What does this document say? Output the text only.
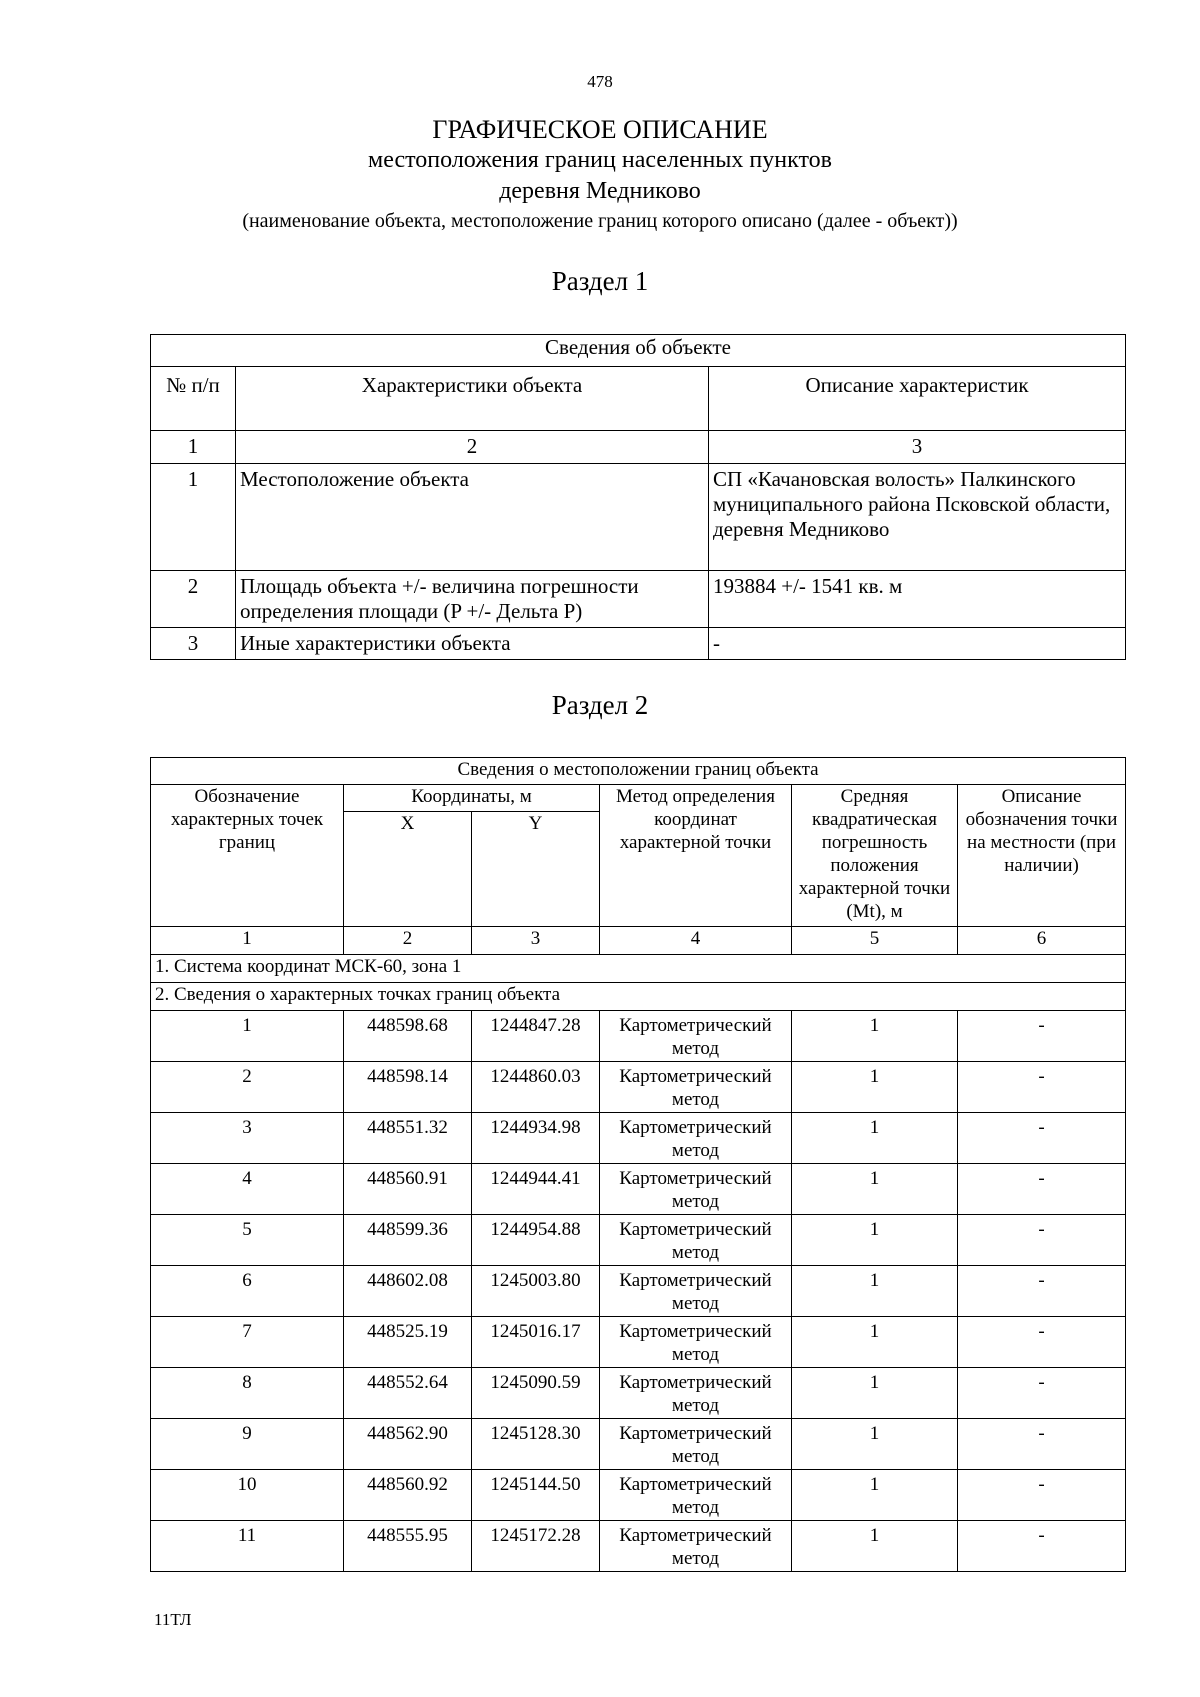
478
ГРАФИЧЕСКОЕ ОПИСАНИЕ
местоположения границ населенных пунктов
деревня Медниково
(наименование объекта, местоположение границ которого описано (далее - объект))
Раздел 1
Сведения об объекте		
№ п/п	Характеристики объекта	Описание характеристик
1	2	3
1	Местоположение объекта	СП «Качановская волость» Палкинского муниципального района Псковской области, деревня Медниково
2	Площадь объекта +/- величина погрешности определения площади (P +/- Дельта P)	193884 +/- 1541 кв. м
3	Иные характеристики объекта	-
Раздел 2
Сведения о местоположении границ объекта					
Обозначение характерных точек границ	Координаты, м		Метод определения координат характерной точки	Средняя квадратическая погрешность положения характерной точки (Mt), м	Описание обозначения точки на местности (при наличии)
	X	Y			
1	2	3	4	5	6
1. Система координат МСК-60, зона 1					
2. Сведения о характерных точках границ объекта					
1	448598.68	1244847.28	Картометрический метод	1	-
2	448598.14	1244860.03	Картометрический метод	1	-
3	448551.32	1244934.98	Картометрический метод	1	-
4	448560.91	1244944.41	Картометрический метод	1	-
5	448599.36	1244954.88	Картометрический метод	1	-
6	448602.08	1245003.80	Картометрический метод	1	-
7	448525.19	1245016.17	Картометрический метод	1	-
8	448552.64	1245090.59	Картометрический метод	1	-
9	448562.90	1245128.30	Картометрический метод	1	-
10	448560.92	1245144.50	Картометрический метод	1	-
11	448555.95	1245172.28	Картометрический метод	1	-
11ТЛ
